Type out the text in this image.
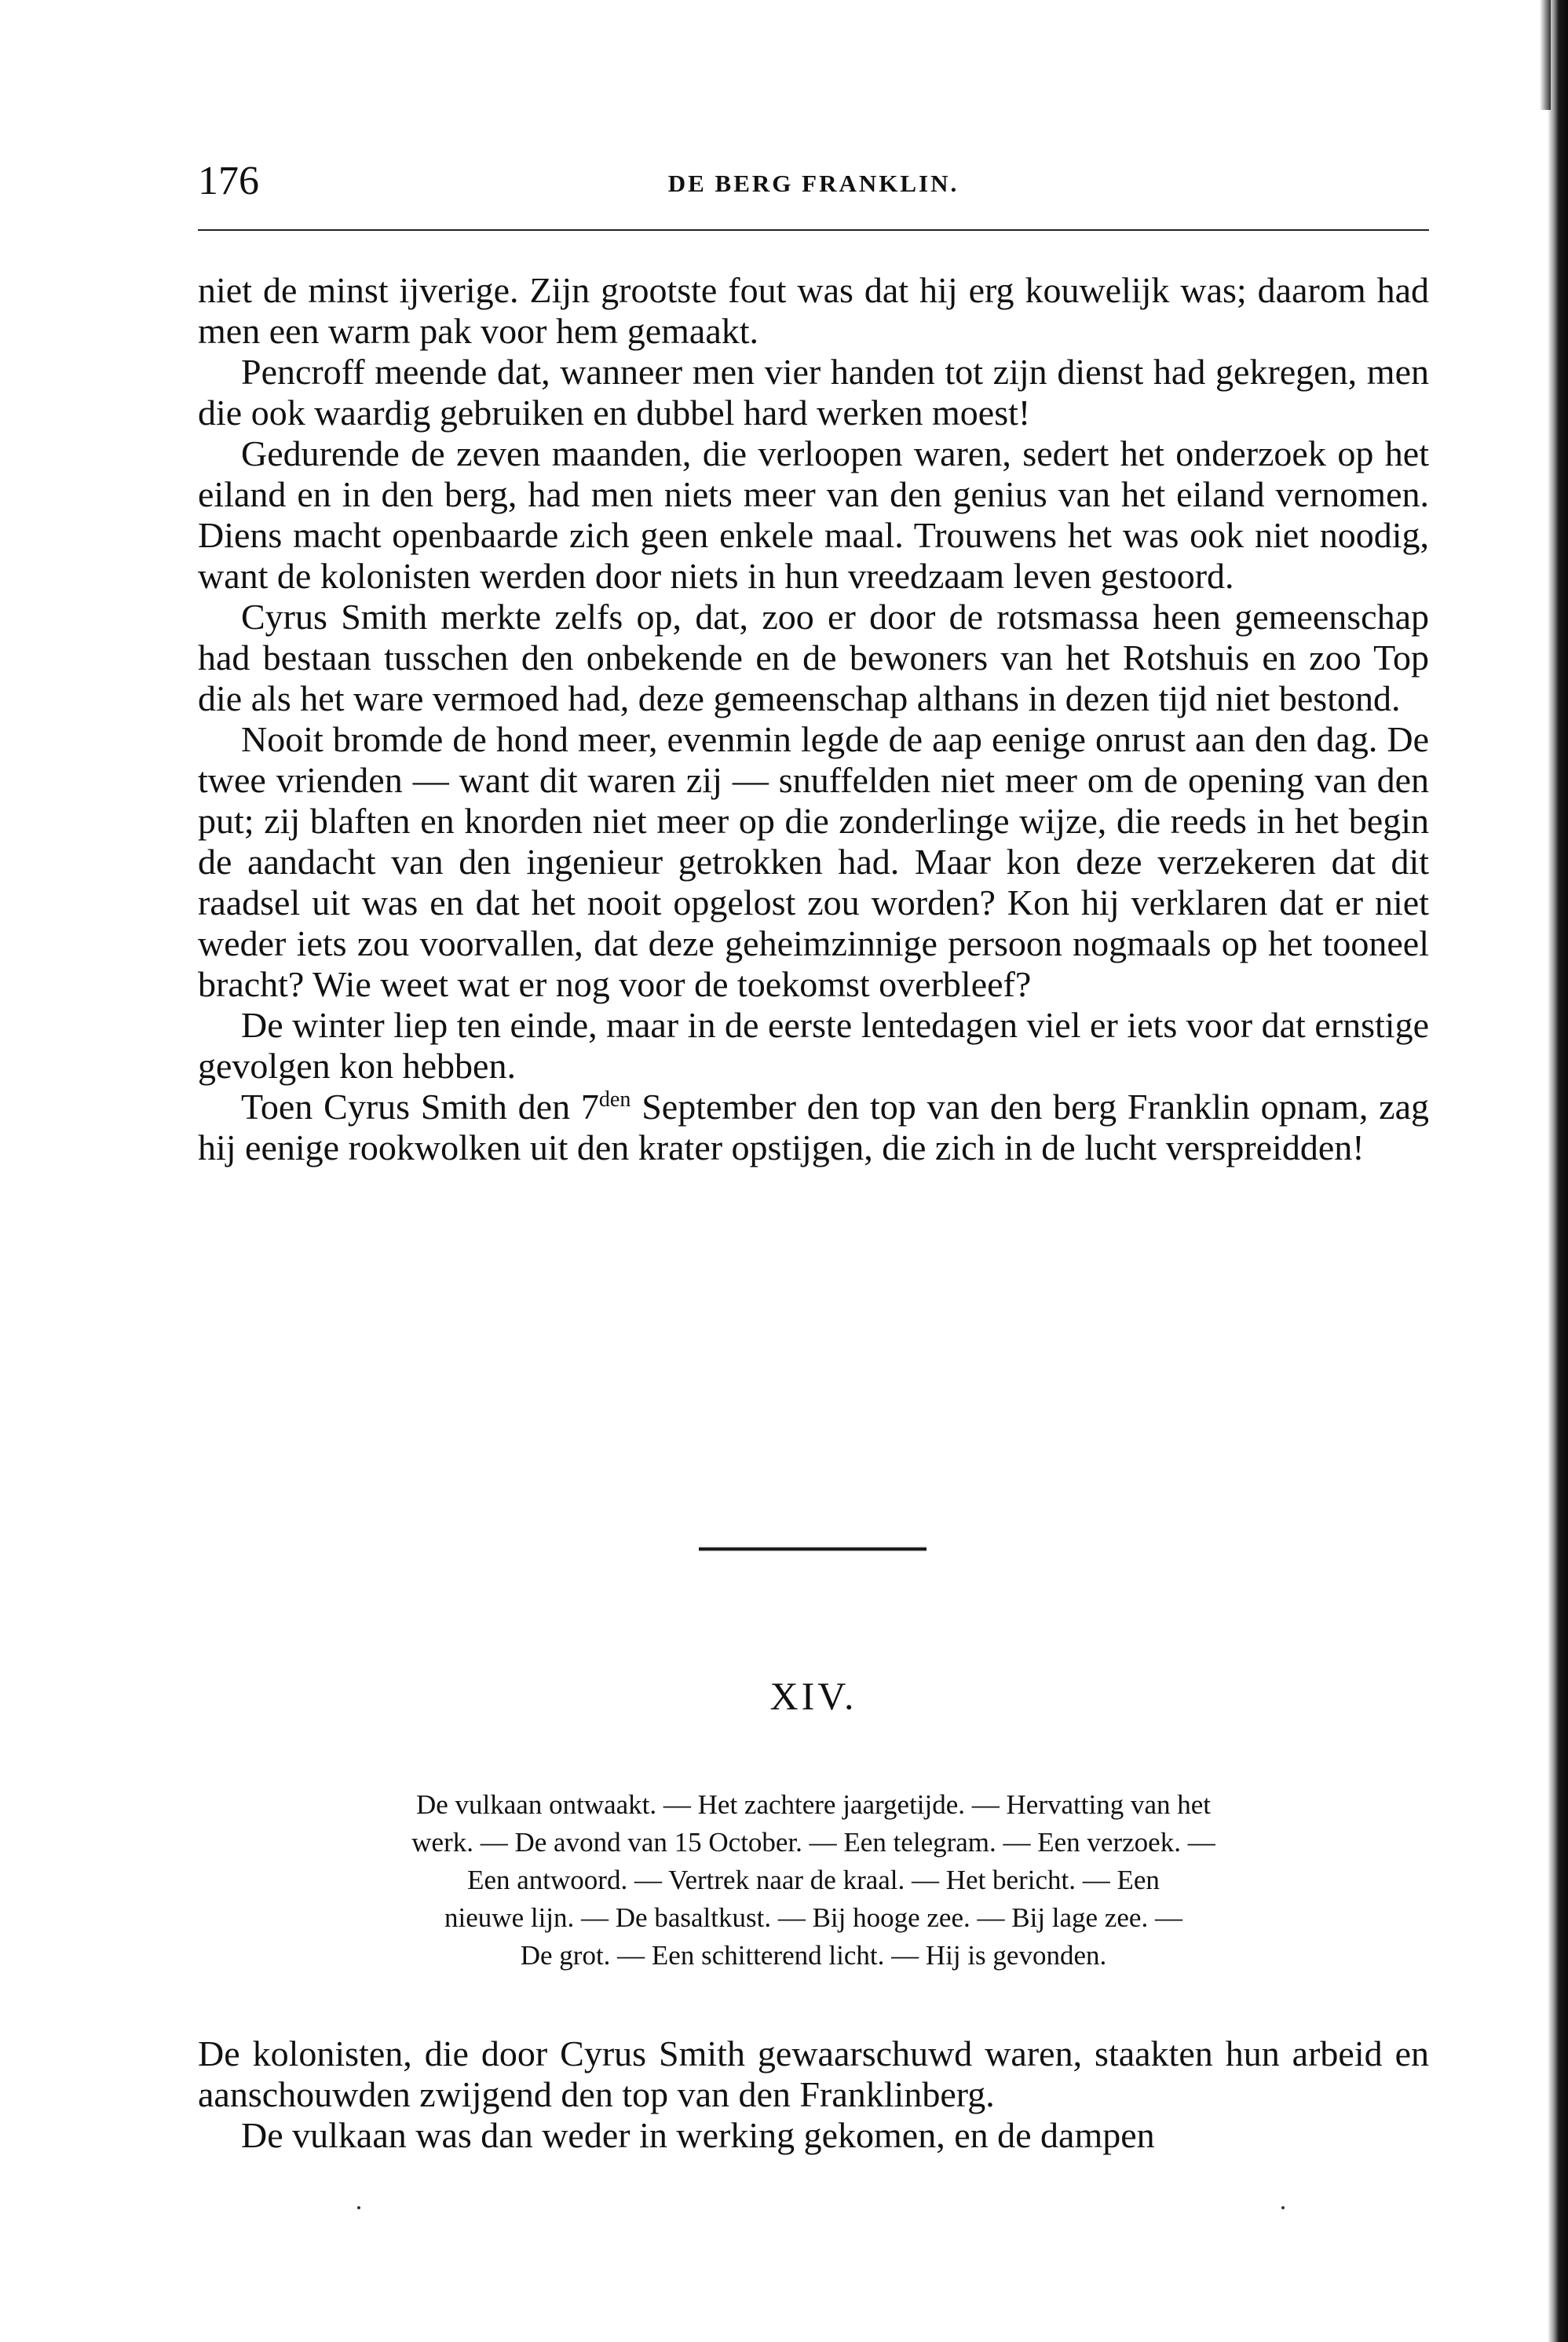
176	DE BERG FRANKLIN.

niet de minst ijverige. Zijn grootste fout was dat hij erg kouwelijk was; daarom had men een warm pak voor hem gemaakt.

Pencroff meende dat, wanneer men vier handen tot zijn dienst had gekregen, men die ook waardig gebruiken en dubbel hard werken moest!

Gedurende de zeven maanden, die verloopen waren, sedert het onderzoek op het eiland en in den berg, had men niets meer van den genius van het eiland vernomen. Diens macht openbaarde zich geen enkele maal. Trouwens het was ook niet noodig, want de kolonisten werden door niets in hun vreedzaam leven gestoord.

Cyrus Smith merkte zelfs op, dat, zoo er door de rotsmassa heen gemeenschap had bestaan tusschen den onbekende en de bewoners van het Rotshuis en zoo Top die als het ware vermoed had, deze gemeenschap althans in dezen tijd niet bestond.

Nooit bromde de hond meer, evenmin legde de aap eenige onrust aan den dag. De twee vrienden — want dit waren zij — snuffelden niet meer om de opening van den put; zij blaften en knorden niet meer op die zonderlinge wijze, die reeds in het begin de aandacht van den ingenieur getrokken had. Maar kon deze verzekeren dat dit raadsel uit was en dat het nooit opgelost zou worden? Kon hij verklaren dat er niet weder iets zou voorvallen, dat deze geheimzinnige persoon nogmaals op het tooneel bracht? Wie weet wat er nog voor de toekomst overbleef?

De winter liep ten einde, maar in de eerste lentedagen viel er iets voor dat ernstige gevolgen kon hebben.

Toen Cyrus Smith den $7^{den}$ September den top van den berg Franklin opnam, zag hij eenige rookwolken uit den krater opstijgen, die zich in de lucht verspreidden!

XIV.
De vulkaan ontwaakt. — Het zachtere jaargetijde. — Hervatting van het
werk. — De avond van 15 October. — Een telegram. — Een verzoek. —
Een antwoord. — Vertrek naar de kraal. — Het bericht. — Een
nieuwe lijn. — De basaltkust. — Bij hooge zee. — Bij lage zee. —
De grot. — Een schitterend licht. — Hij is gevonden.

De kolonisten, die door Cyrus Smith gewaarschuwd waren, staakten hun arbeid en aanschouwden zwijgend den top van den Franklinberg.

De vulkaan was dan weder in werking gekomen, en de dampen
